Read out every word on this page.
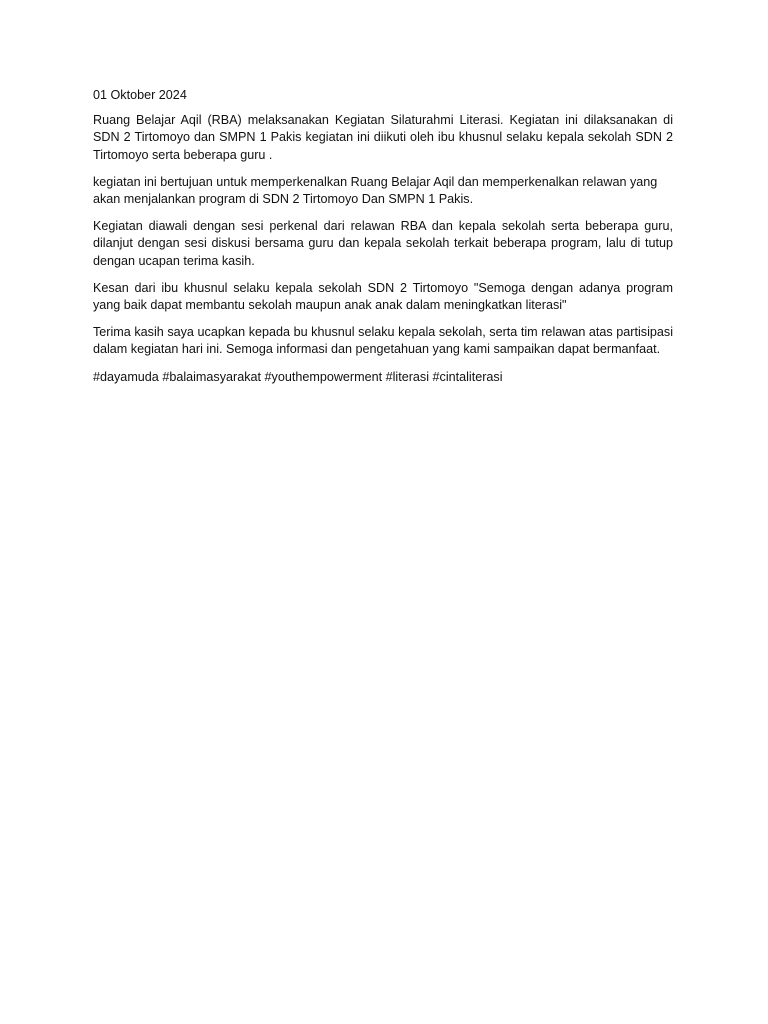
01 Oktober 2024

Ruang Belajar Aqil (RBA) melaksanakan Kegiatan Silaturahmi Literasi. Kegiatan ini dilaksanakan di SDN 2 Tirtomoyo dan SMPN 1 Pakis kegiatan ini diikuti oleh ibu khusnul selaku kepala sekolah SDN 2 Tirtomoyo serta beberapa guru .

kegiatan ini bertujuan untuk memperkenalkan Ruang Belajar Aqil dan memperkenalkan relawan yang akan menjalankan program di SDN 2 Tirtomoyo Dan SMPN 1 Pakis.

Kegiatan diawali dengan sesi perkenal dari relawan RBA dan kepala sekolah serta beberapa guru, dilanjut dengan sesi diskusi bersama guru dan kepala sekolah terkait beberapa program, lalu di tutup dengan ucapan terima kasih.

Kesan dari ibu khusnul selaku kepala sekolah SDN 2 Tirtomoyo "Semoga dengan adanya program yang baik dapat membantu sekolah maupun anak anak dalam meningkatkan literasi"

Terima kasih saya ucapkan kepada bu khusnul selaku kepala sekolah, serta tim relawan atas partisipasi dalam kegiatan hari ini. Semoga informasi dan pengetahuan yang kami sampaikan dapat bermanfaat.

#dayamuda #balaimasyarakat #youthempowerment #literasi #cintaliterasi
